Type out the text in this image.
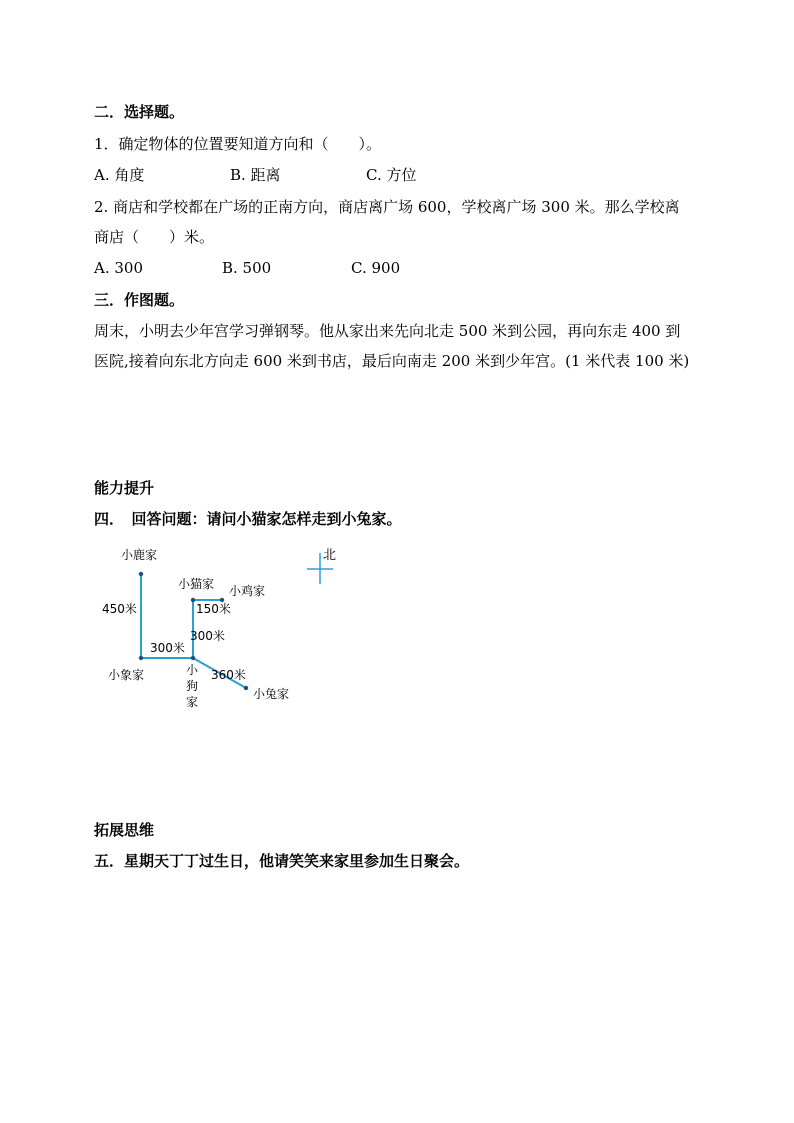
二．选择题。
1．确定物体的位置要知道方向和（　　）。
A. 角度	B. 距离	C. 方位
2. 商店和学校都在广场的正南方向，商店离广场 600，学校离广场 300 米。那么学校离
商店（　　）米。
A. 300	B. 500	C. 900
三．作图题。
周末，小明去少年宫学习弹钢琴。他从家出来先向北走 500 米到公园，再向东走 400 到
医院,接着向东北方向走 600 米到书店，最后向南走 200 米到少年宫。(1 米代表 100 米)
能力提升
四．　回答问题：请问小猫家怎样走到小兔家。
北
小鹿家
小猫家 小鸡家
小象家	小
狗
家
小兔家
450米
300米
150米
300米
360米
拓展思维
五．星期天丁丁过生日，他请笑笑来家里参加生日聚会。
